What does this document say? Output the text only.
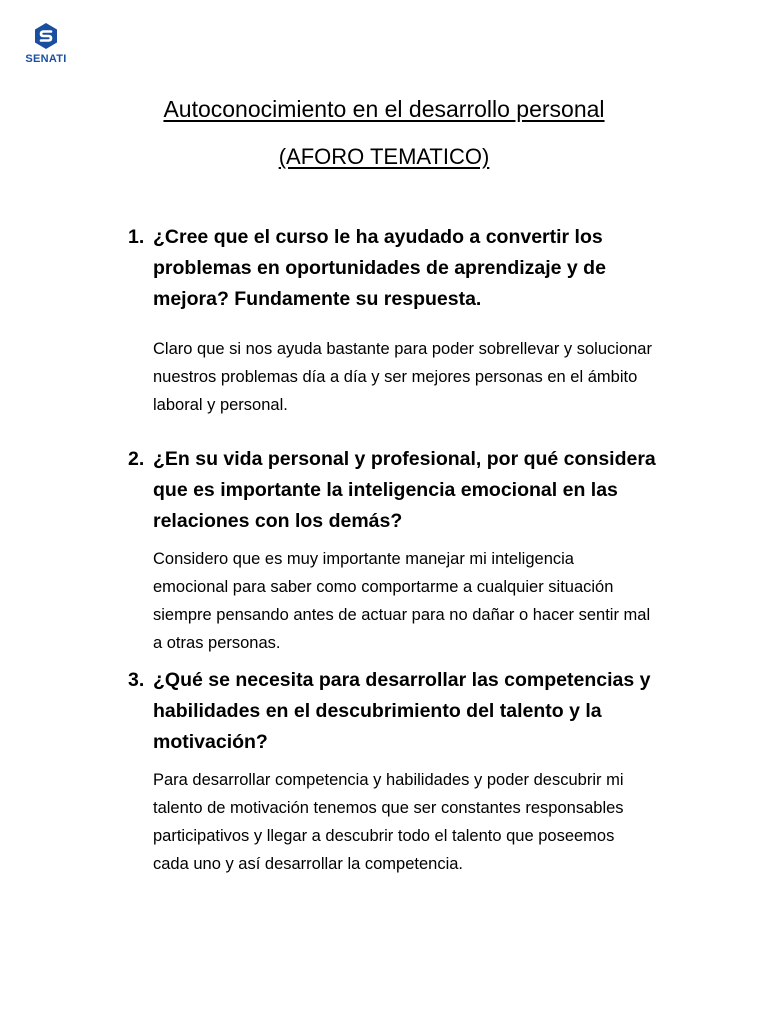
SENATI
Autoconocimiento en el desarrollo personal
(AFORO TEMATICO)

1. ¿Cree que el curso le ha ayudado a convertir los problemas en oportunidades de aprendizaje y de mejora? Fundamente su respuesta.

Claro que si nos ayuda bastante para poder sobrellevar y solucionar nuestros problemas día a día y ser mejores personas en el ámbito laboral y personal.

2. ¿En su vida personal y profesional, por qué considera que es importante la inteligencia emocional en las relaciones con los demás?

Considero que es muy importante manejar mi inteligencia emocional para saber como comportarme a cualquier situación siempre pensando antes de actuar para no dañar o hacer sentir mal a otras personas.

3. ¿Qué se necesita para desarrollar las competencias y habilidades en el descubrimiento del talento y la motivación?

Para desarrollar competencia y habilidades y poder descubrir mi talento de motivación tenemos que ser constantes responsables participativos y llegar a descubrir todo el talento que poseemos cada uno y así desarrollar la competencia.
